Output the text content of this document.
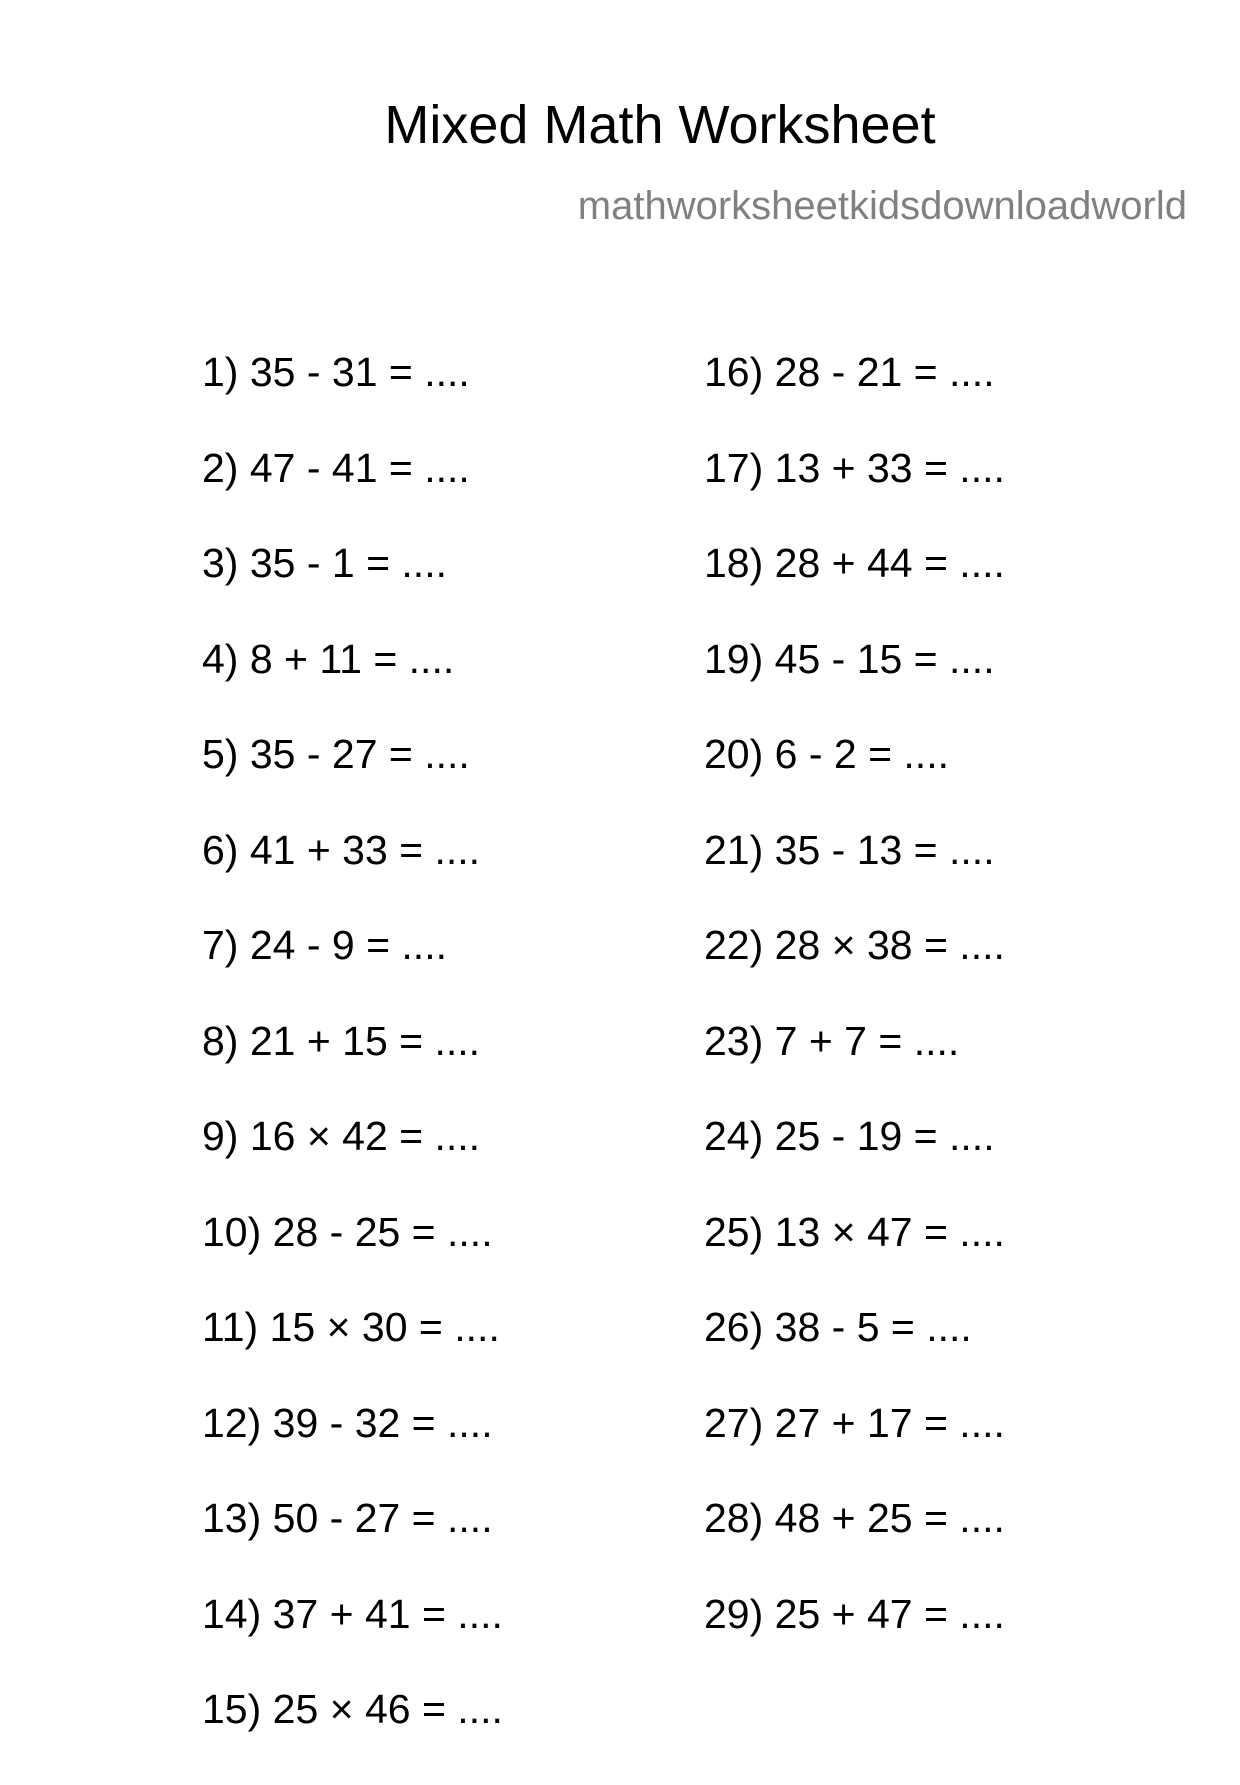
Mixed Math Worksheet
mathworksheetkidsdownloadworld
1) 35 - 31 = ....
2) 47 - 41 = ....
3) 35 - 1 = ....
4) 8 + 11 = ....
5) 35 - 27 = ....
6) 41 + 33 = ....
7) 24 - 9 = ....
8) 21 + 15 = ....
9) 16 × 42 = ....
10) 28 - 25 = ....
11) 15 × 30 = ....
12) 39 - 32 = ....
13) 50 - 27 = ....
14) 37 + 41 = ....
15) 25 × 46 = ....
16) 28 - 21 = ....
17) 13 + 33 = ....
18) 28 + 44 = ....
19) 45 - 15 = ....
20) 6 - 2 = ....
21) 35 - 13 = ....
22) 28 × 38 = ....
23) 7 + 7 = ....
24) 25 - 19 = ....
25) 13 × 47 = ....
26) 38 - 5 = ....
27) 27 + 17 = ....
28) 48 + 25 = ....
29) 25 + 47 = ....
